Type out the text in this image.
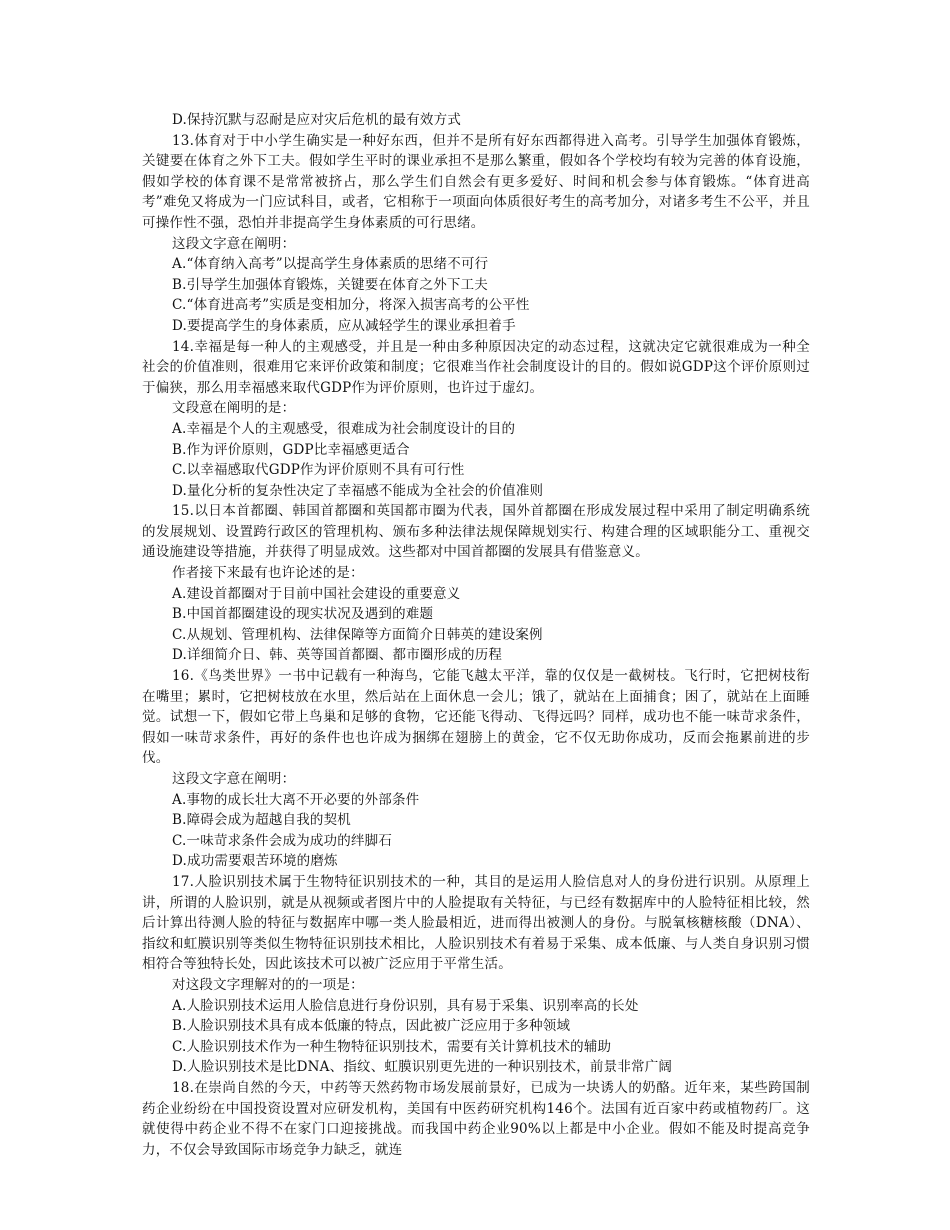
D.保持沉默与忍耐是应对灾后危机的最有效方式

13.体育对于中小学生确实是一种好东西，但并不是所有好东西都得进入高考。引导学生加强体育锻炼，关键要在体育之外下工夫。假如学生平时的课业承担不是那么繁重，假如各个学校均有较为完善的体育设施，假如学校的体育课不是常常被挤占，那么学生们自然会有更多爱好、时间和机会参与体育锻炼。“体育进高考”难免又将成为一门应试科目，或者，它相称于一项面向体质很好考生的高考加分，对诸多考生不公平，并且可操作性不强，恐怕并非提高学生身体素质的可行思绪。

这段文字意在阐明：

A.“体育纳入高考”以提高学生身体素质的思绪不可行

B.引导学生加强体育锻炼，关键要在体育之外下工夫

C.“体育进高考”实质是变相加分，将深入损害高考的公平性

D.要提高学生的身体素质，应从减轻学生的课业承担着手

14.幸福是每一种人的主观感受，并且是一种由多种原因决定的动态过程，这就决定它就很难成为一种全社会的价值准则，很难用它来评价政策和制度；它很难当作社会制度设计的目的。假如说GDP这个评价原则过于偏狭，那么用幸福感来取代GDP作为评价原则，也许过于虚幻。

文段意在阐明的是：

A.幸福是个人的主观感受，很难成为社会制度设计的目的

B.作为评价原则，GDP比幸福感更适合

C.以幸福感取代GDP作为评价原则不具有可行性

D.量化分析的复杂性决定了幸福感不能成为全社会的价值准则

15.以日本首都圈、韩国首都圈和英国都市圈为代表，国外首都圈在形成发展过程中采用了制定明确系统的发展规划、设置跨行政区的管理机构、颁布多种法律法规保障规划实行、构建合理的区域职能分工、重视交通设施建设等措施，并获得了明显成效。这些都对中国首都圈的发展具有借鉴意义。

作者接下来最有也许论述的是：

A.建设首都圈对于目前中国社会建设的重要意义

B.中国首都圈建设的现实状况及遇到的难题

C.从规划、管理机构、法律保障等方面简介日韩英的建设案例

D.详细简介日、韩、英等国首都圈、都市圈形成的历程

16.《鸟类世界》一书中记载有一种海鸟，它能飞越太平洋，靠的仅仅是一截树枝。飞行时，它把树枝衔在嘴里；累时，它把树枝放在水里，然后站在上面休息一会儿；饿了，就站在上面捕食；困了，就站在上面睡觉。试想一下，假如它带上鸟巢和足够的食物，它还能飞得动、飞得远吗？同样，成功也不能一味苛求条件，假如一味苛求条件，再好的条件也也许成为捆绑在翅膀上的黄金，它不仅无助你成功，反而会拖累前进的步伐。

这段文字意在阐明：

A.事物的成长壮大离不开必要的外部条件

B.障碍会成为超越自我的契机

C.一味苛求条件会成为成功的绊脚石

D.成功需要艰苦环境的磨炼

17.人脸识别技术属于生物特征识别技术的一种，其目的是运用人脸信息对人的身份进行识别。从原理上讲，所谓的人脸识别，就是从视频或者图片中的人脸提取有关特征，与已经有数据库中的人脸特征相比较，然后计算出待测人脸的特征与数据库中哪一类人脸最相近，进而得出被测人的身份。与脱氧核糖核酸（DNA）、指纹和虹膜识别等类似生物特征识别技术相比，人脸识别技术有着易于采集、成本低廉、与人类自身识别习惯相符合等独特长处，因此该技术可以被广泛应用于平常生活。

对这段文字理解对的的一项是：

A.人脸识别技术运用人脸信息进行身份识别，具有易于采集、识别率高的长处

B.人脸识别技术具有成本低廉的特点，因此被广泛应用于多种领域

C.人脸识别技术作为一种生物特征识别技术，需要有关计算机技术的辅助

D.人脸识别技术是比DNA、指纹、虹膜识别更先进的一种识别技术，前景非常广阔

18.在崇尚自然的今天，中药等天然药物市场发展前景好，已成为一块诱人的奶酪。近年来，某些跨国制药企业纷纷在中国投资设置对应研发机构，美国有中医药研究机构146个。法国有近百家中药或植物药厂。这就使得中药企业不得不在家门口迎接挑战。而我国中药企业90%以上都是中小企业。假如不能及时提高竞争力，不仅会导致国际市场竞争力缺乏，就连
